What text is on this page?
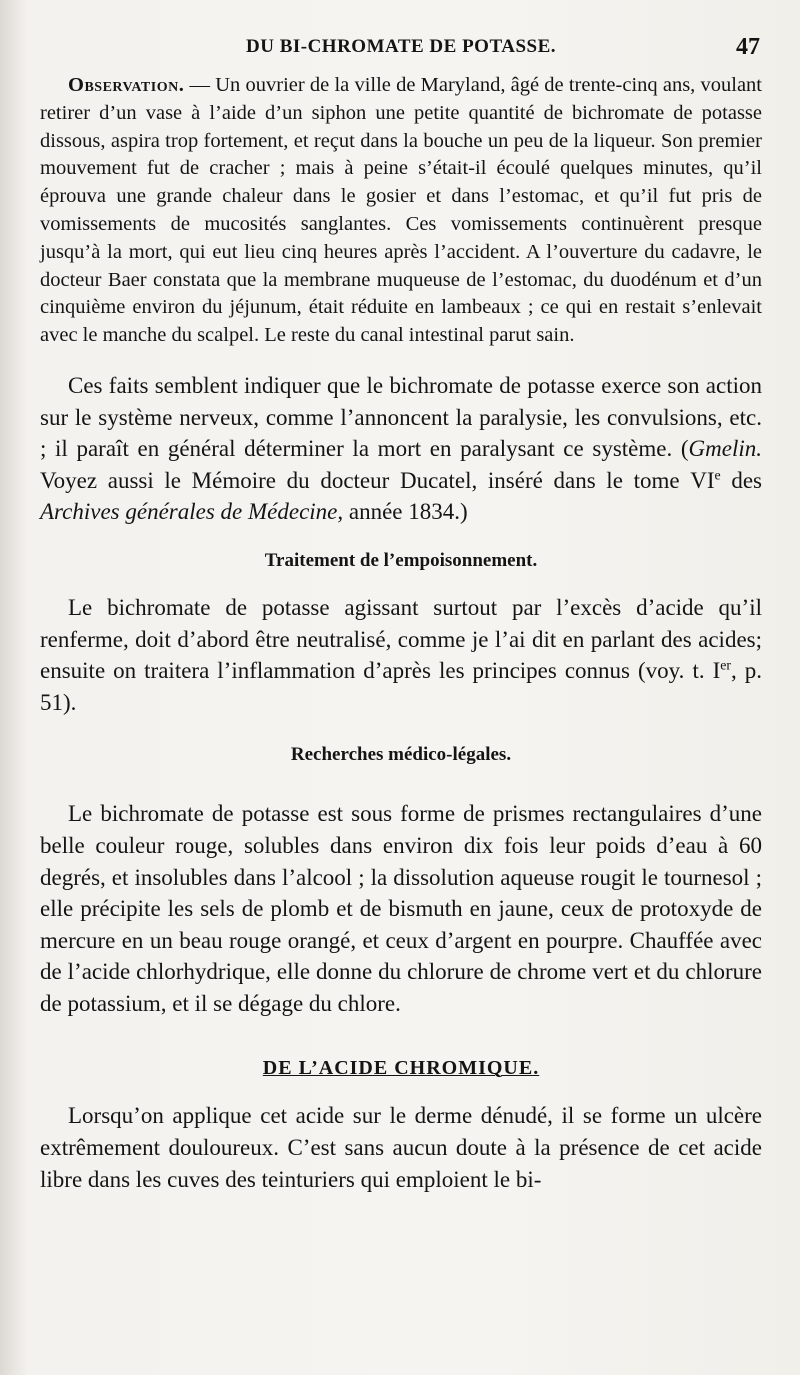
DU BI-CHROMATE DE POTASSE.	47

Observation. — Un ouvrier de la ville de Maryland, âgé de trente-cinq ans, voulant retirer d’un vase à l’aide d’un siphon une petite quantité de bichromate de potasse dissous, aspira trop fortement, et reçut dans la bouche un peu de la liqueur. Son premier mouvement fut de cracher ; mais à peine s’était-il écoulé quelques minutes, qu’il éprouva une grande chaleur dans le gosier et dans l’estomac, et qu’il fut pris de vomissements de mucosités sanglantes. Ces vomissements continuèrent presque jusqu’à la mort, qui eut lieu cinq heures après l’accident. A l’ouverture du cadavre, le docteur Baer constata que la membrane muqueuse de l’estomac, du duodénum et d’un cinquième environ du jéjunum, était réduite en lambeaux ; ce qui en restait s’enlevait avec le manche du scalpel. Le reste du canal intestinal parut sain.

Ces faits semblent indiquer que le bichromate de potasse exerce son action sur le système nerveux, comme l’annoncent la paralysie, les convulsions, etc. ; il paraît en général déterminer la mort en paralysant ce système. (Gmelin. Voyez aussi le Mémoire du docteur Ducatel, inséré dans le tome VIe des Archives générales de Médecine, année 1834.)

Traitement de l’empoisonnement.

Le bichromate de potasse agissant surtout par l’excès d’acide qu’il renferme, doit d’abord être neutralisé, comme je l’ai dit en parlant des acides; ensuite on traitera l’inflammation d’après les principes connus (voy. t. Ier, p. 51).

Recherches médico-légales.

Le bichromate de potasse est sous forme de prismes rectangulaires d’une belle couleur rouge, solubles dans environ dix fois leur poids d’eau à 60 degrés, et insolubles dans l’alcool ; la dissolution aqueuse rougit le tournesol ; elle précipite les sels de plomb et de bismuth en jaune, ceux de protoxyde de mercure en un beau rouge orangé, et ceux d’argent en pourpre. Chauffée avec de l’acide chlorhydrique, elle donne du chlorure de chrome vert et du chlorure de potassium, et il se dégage du chlore.

DE L’ACIDE CHROMIQUE.

Lorsqu’on applique cet acide sur le derme dénudé, il se forme un ulcère extrêmement douloureux. C’est sans aucun doute à la présence de cet acide libre dans les cuves des teinturiers qui emploient le bi-
